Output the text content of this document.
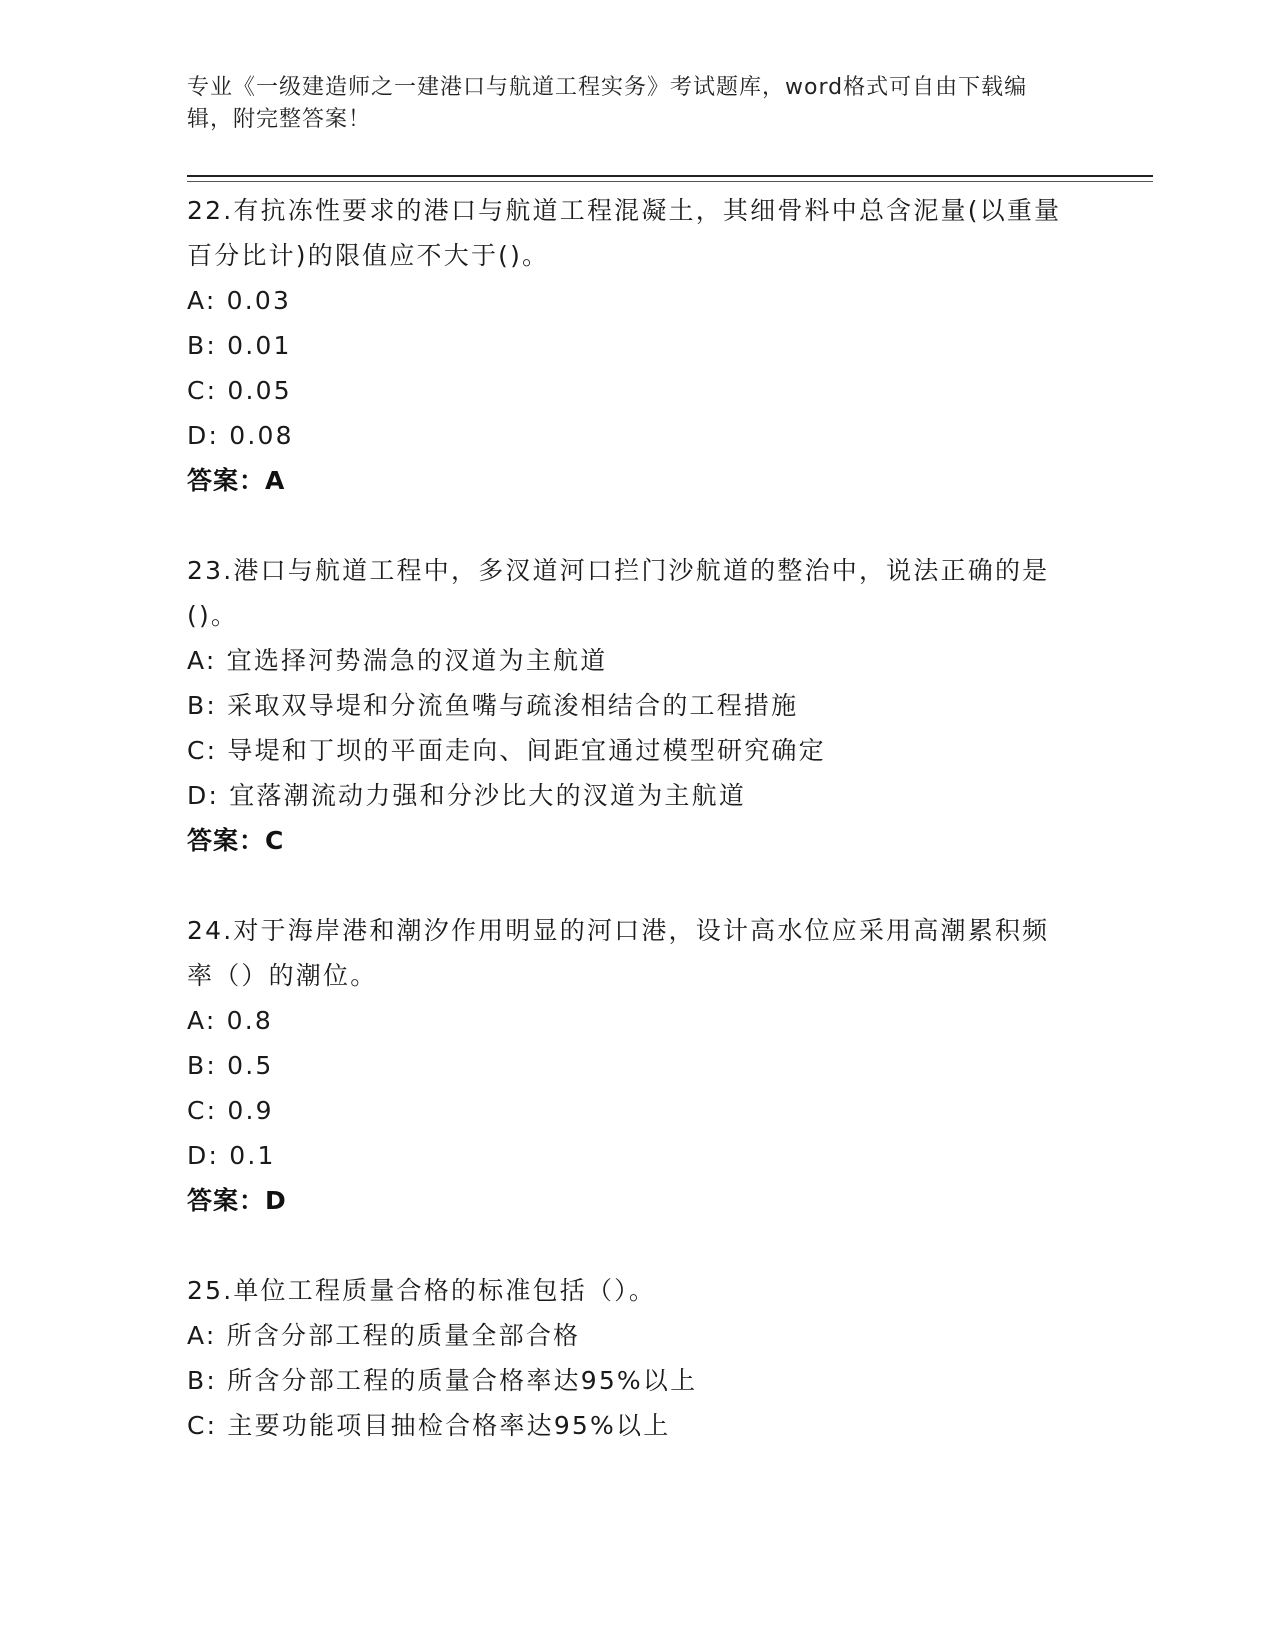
专业《一级建造师之一建港口与航道工程实务》考试题库，word格式可自由下载编辑，附完整答案！
22.有抗冻性要求的港口与航道工程混凝土，其细骨料中总含泥量(以重量百分比计)的限值应不大于()。
A: 0.03
B: 0.01
C: 0.05
D: 0.08
答案：A
23.港口与航道工程中，多汊道河口拦门沙航道的整治中，说法正确的是()。
A: 宜选择河势湍急的汊道为主航道
B: 采取双导堤和分流鱼嘴与疏浚相结合的工程措施
C: 导堤和丁坝的平面走向、间距宜通过模型研究确定
D: 宜落潮流动力强和分沙比大的汊道为主航道
答案：C
24.对于海岸港和潮汐作用明显的河口港，设计高水位应采用高潮累积频率（）的潮位。
A: 0.8
B: 0.5
C: 0.9
D: 0.1
答案：D
25.单位工程质量合格的标准包括（）。
A: 所含分部工程的质量全部合格
B: 所含分部工程的质量合格率达95%以上
C: 主要功能项目抽检合格率达95%以上
